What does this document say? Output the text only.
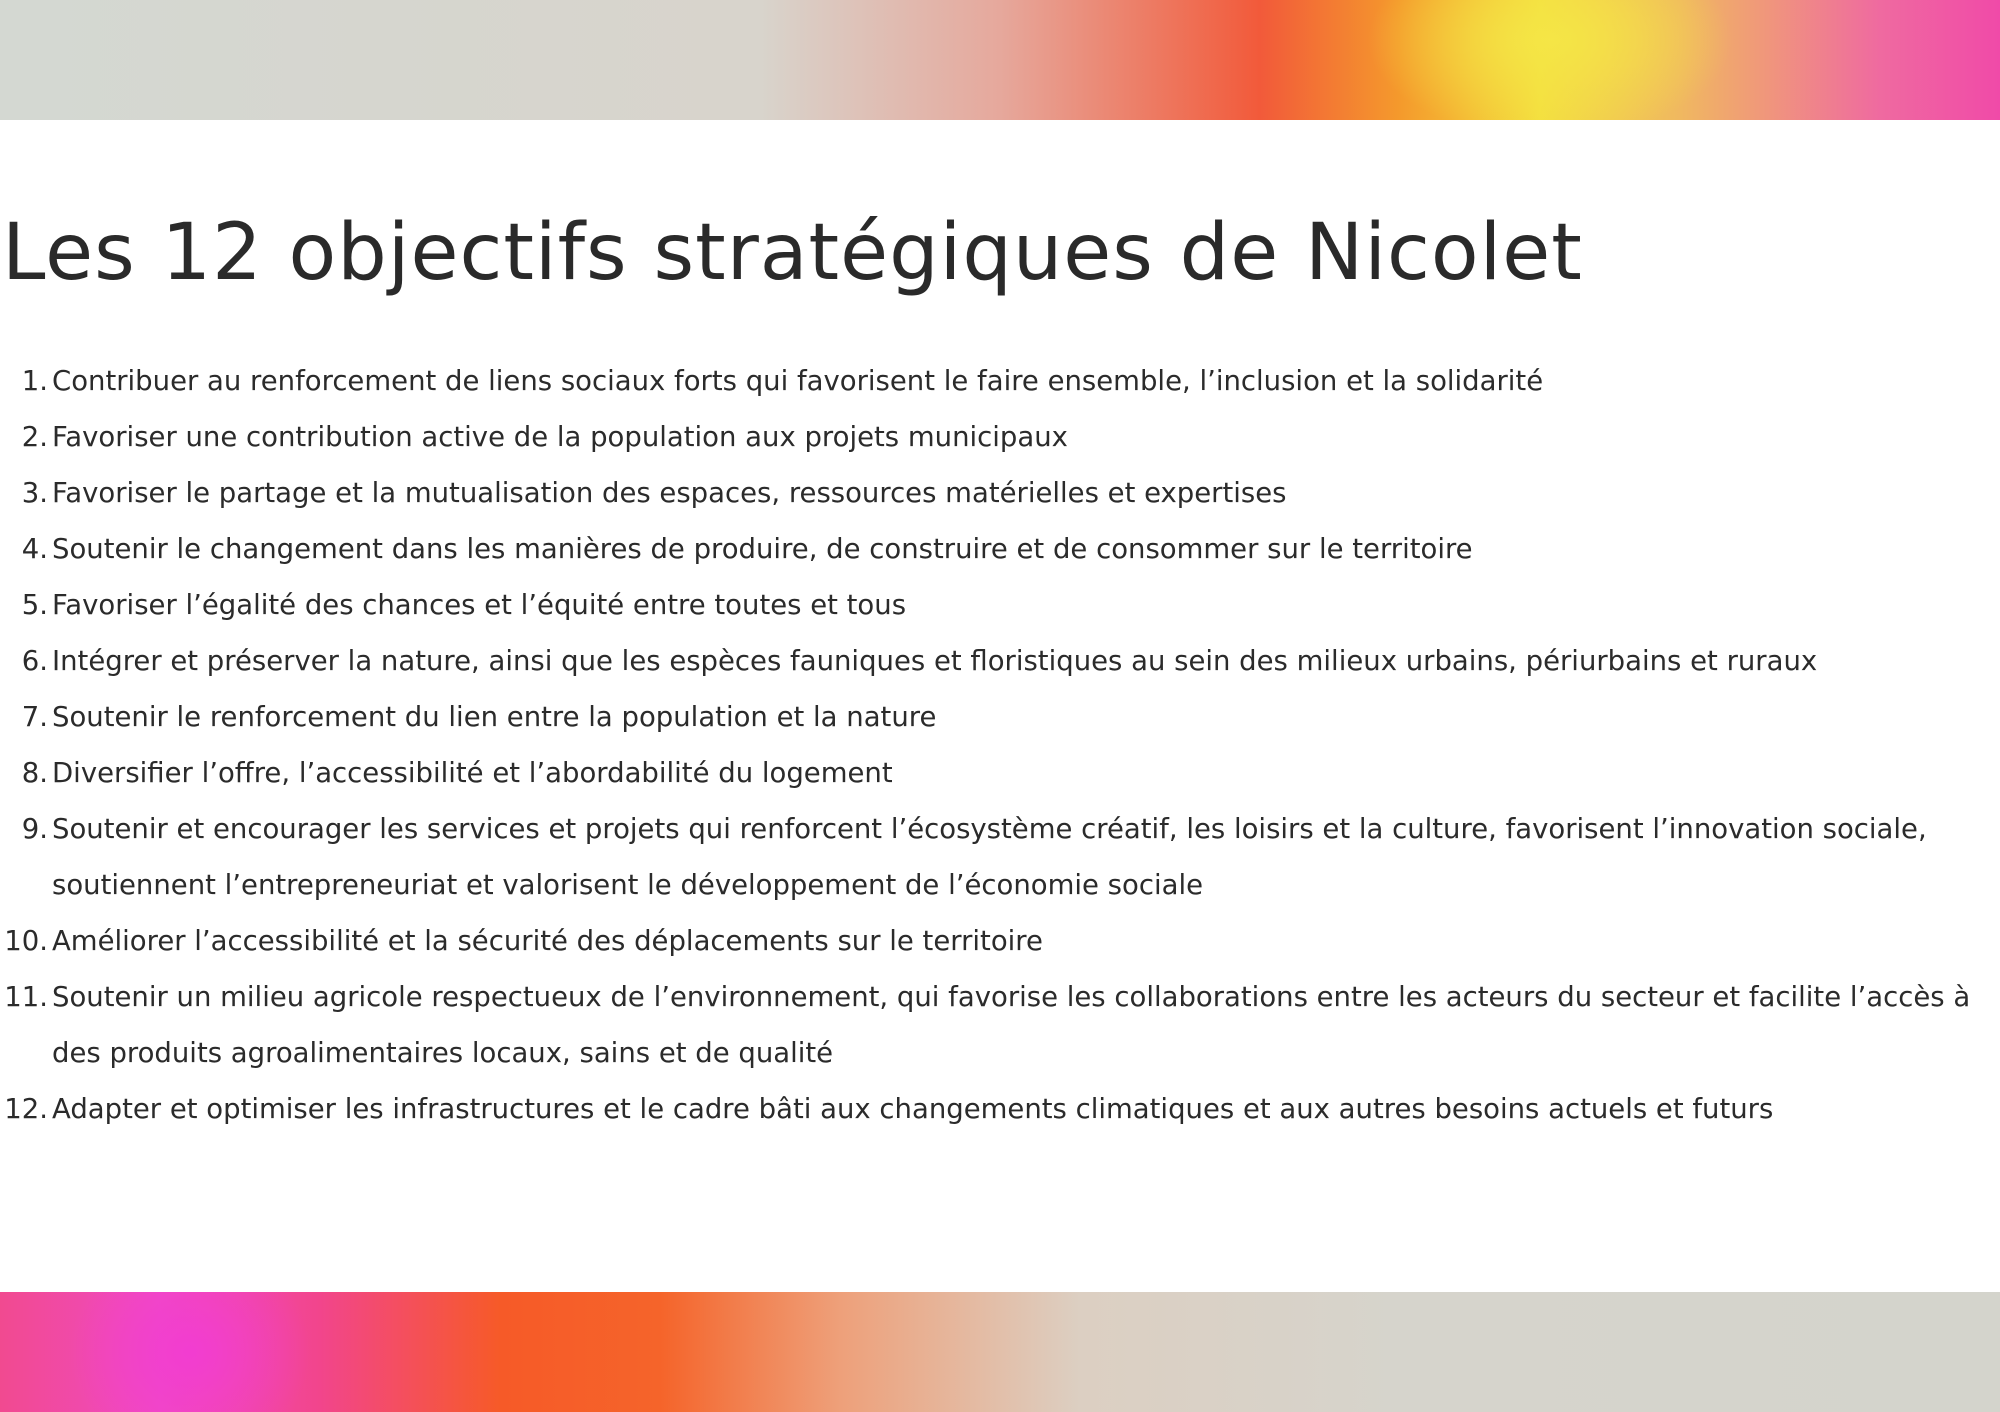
Les 12 objectifs stratégiques de Nicolet
1. Contribuer au renforcement de liens sociaux forts qui favorisent le faire ensemble, l’inclusion et la solidarité
2. Favoriser une contribution active de la population aux projets municipaux
3. Favoriser le partage et la mutualisation des espaces, ressources matérielles et expertises
4. Soutenir le changement dans les manières de produire, de construire et de consommer sur le territoire
5. Favoriser l’égalité des chances et l’équité entre toutes et tous
6. Intégrer et préserver la nature, ainsi que les espèces fauniques et floristiques au sein des milieux urbains, périurbains et ruraux
7. Soutenir le renforcement du lien entre la population et la nature
8. Diversifier l’offre, l’accessibilité et l’abordabilité du logement
9. Soutenir et encourager les services et projets qui renforcent l’écosystème créatif, les loisirs et la culture, favorisent l’innovation sociale, soutiennent l’entrepreneuriat et valorisent le développement de l’économie sociale
10. Améliorer l’accessibilité et la sécurité des déplacements sur le territoire
11. Soutenir un milieu agricole respectueux de l’environnement, qui favorise les collaborations entre les acteurs du secteur et facilite l’accès à des produits agroalimentaires locaux, sains et de qualité
12. Adapter et optimiser les infrastructures et le cadre bâti aux changements climatiques et aux autres besoins actuels et futurs
